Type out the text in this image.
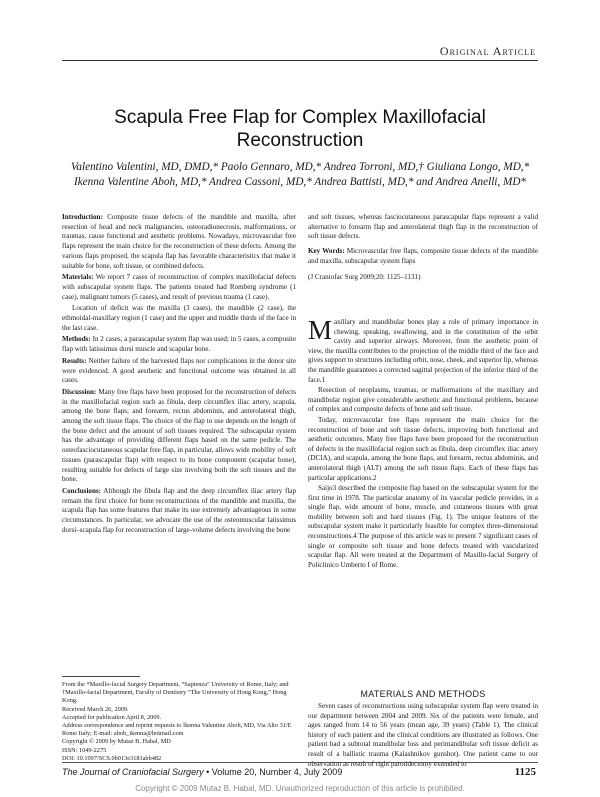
Original Article
Scapula Free Flap for Complex Maxillofacial Reconstruction
Valentino Valentini, MD, DMD,* Paolo Gennaro, MD,* Andrea Torroni, MD,† Giuliana Longo, MD,*
Ikenna Valentine Aboh, MD,* Andrea Cassoni, MD,* Andrea Battisti, MD,* and Andrea Anelli, MD*

Introduction: Composite tissue defects of the mandible and maxilla, after resection of head and neck malignancies, osteoradionecrosis, malformations, or traumas, cause functional and aesthetic problems. Nowadays, microvascular free flaps represent the main choice for the reconstruction of these defects. Among the various flaps proposed, the scapula flap has favorable characteristics that make it suitable for bone, soft tissue, or combined defects.

Materials: We report 7 cases of reconstruction of complex maxillofacial defects with subscapular system flaps. The patients treated had Romberg syndrome (1 case), malignant tumors (5 cases), and result of previous trauma (1 case).

Location of deficit was the maxilla (3 cases), the mandible (2 case), the ethmoidal-maxillary region (1 case) and the upper and middle thirds of the face in the last case.

Methods: In 2 cases, a parascapular system flap was used; in 5 cases, a composite flap with latissimus dorsi muscle and scapular bone.

Results: Neither failure of the harvested flaps nor complications in the donor site were evidenced. A good aesthetic and functional outcome was obtained in all cases.

Discussion: Many free flaps have been proposed for the reconstruction of defects in the maxillofacial region such as fibula, deep circumflex iliac artery, scapula, among the bone flaps; and forearm, rectus abdominis, and anterolateral thigh, among the soft tissue flaps. The choice of the flap to use depends on the length of the bone defect and the amount of soft tissues required. The subscapular system has the advantage of providing different flaps based on the same pedicle. The osteofasciocutaneous scapular free flap, in particular, allows wide mobility of soft tissues (parascapular flap) with respect to its bone component (scapular bone), resulting suitable for defects of large size involving both the soft tissues and the bone.

Conclusions: Although the fibula flap and the deep circumflex iliac artery flap remain the first choice for bone reconstructions of the mandible and maxilla, the scapula flap has some features that make its use extremely advantageous in some circumstances. In particular, we advocate the use of the osteomuscular latissimus dorsi–scapula flap for reconstruction of large-volume defects involving the bone

and soft tissues, whereas fasciocutaneous parascapular flaps represent a valid alternative to forearm flap and anterolateral thigh flap in the reconstruction of soft tissue defects.

Key Words: Microvascular free flaps, composite tissue defects of the mandible and maxilla, subscapular system flaps

(J Craniofac Surg 2009;20: 1125–1131)

Maxillary and mandibular bones play a role of primary importance in chewing, speaking, swallowing, and in the constitution of the orbit cavity and superior airways. Moreover, from the aesthetic point of view, the maxilla contributes to the projection of the middle third of the face and gives support to structures including orbit, nose, cheek, and superior lip, whereas the mandible guarantees a corrected sagittal projection of the inferior third of the face.1

Resection of neoplasms, traumas, or malformations of the maxillary and mandibular region give considerable aesthetic and functional problems, because of complex and composite defects of bone and soft tissue.

Today, microvascular free flaps represent the main choice for the reconstruction of bone and soft tissue defects, improving both functional and aesthetic outcomes. Many free flaps have been proposed for the reconstruction of defects in the maxillofacial region such as fibula, deep circumflex iliac artery (DCIA), and scapula, among the bone flaps, and forearm, rectus abdominis, and anterolateral thigh (ALT) among the soft tissue flaps. Each of these flaps has particular applications.2

Saijo3 described the composite flap based on the subscapular system for the first time in 1978. The particular anatomy of its vascular pedicle provides, in a single flap, wide amount of bone, muscle, and cutaneous tissues with great mobility between soft and hard tissues (Fig. 1). The unique features of the subscapular system make it particularly feasible for complex three-dimensional reconstructions.4 The purpose of this article was to present 7 significant cases of single or composite soft tissue and bone defects treated with vascularized scapular flap. All were treated at the Department of Maxillo-facial Surgery of Policlinico Umberto I of Rome.

MATERIALS AND METHODS

Seven cases of reconstructions using subscapular system flap were treated in our department between 2004 and 2009. Six of the patients were female, and ages ranged from 14 to 56 years (mean age, 39 years) (Table 1). The clinical history of each patient and the clinical conditions are illustrated as follows. One patient had a subtotal mandibular loss and perimandibular soft tissue deficit as result of a ballistic trauma (Kalashnikov gunshot). One patient came to our observation as result of right parotidectomy extended to

From the *Maxillo-facial Surgery Department, “Sapienza” University of Rome, Italy; and †Maxillo-facial Department, Faculty of Dentistry “The University of Hong Kong,” Hong Kong.
Received March 26, 2009.
Accepted for publication April 8, 2009.
Address correspondence and reprint requests to Ikenna Valentine Aboh, MD, Via Alto 31/E Rome Italy; E-mail: aboh_ikenna@hotmail.com
Copyright © 2009 by Mutaz B. Habal, MD
ISSN: 1049-2275
DOI: 10.1097/SCS.0b013e3181abb482
The Journal of Craniofacial Surgery • Volume 20, Number 4, July 2009	1125
Copyright © 2009 Mutaz B. Habal, MD. Unauthorized reproduction of this article is prohibited.
